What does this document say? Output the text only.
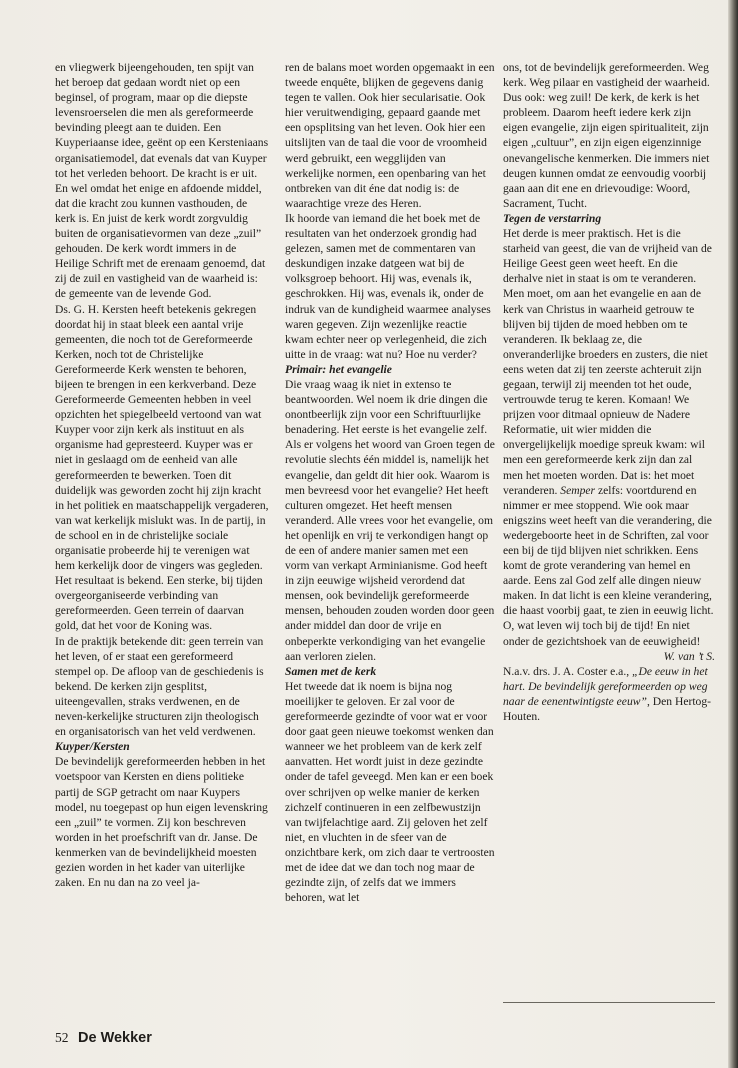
en vliegwerk bijeengehouden, ten spijt van het beroep dat gedaan wordt niet op een beginsel, of program, maar op die diepste levensroerselen die men als gereformeerde bevinding pleegt aan te duiden. Een Kuyperiaanse idee, geënt op een Kersteniaans organisatiemodel, dat evenals dat van Kuyper tot het verleden behoort. De kracht is er uit. En wel omdat het enige en afdoende middel, dat die kracht zou kunnen vasthouden, de kerk is. En juist de kerk wordt zorgvuldig buiten de organisatievormen van deze „zuil” gehouden. De kerk wordt immers in de Heilige Schrift met de erenaam genoemd, dat zij de zuil en vastigheid van de waarheid is: de gemeente van de levende God.

Ds. G. H. Kersten heeft betekenis gekregen doordat hij in staat bleek een aantal vrije gemeenten, die noch tot de Gereformeerde Kerken, noch tot de Christelijke Gereformeerde Kerk wensten te behoren, bijeen te brengen in een kerkverband. Deze Gereformeerde Gemeenten hebben in veel opzichten het spiegelbeeld vertoond van wat Kuyper voor zijn kerk als instituut en als organisme had gepresteerd. Kuyper was er niet in geslaagd om de eenheid van alle gereformeerden te bewerken. Toen dit duidelijk was geworden zocht hij zijn kracht in het politiek en maatschappelijk vergaderen, van wat kerkelijk mislukt was. In de partij, in de school en in de christelijke sociale organisatie probeerde hij te verenigen wat hem kerkelijk door de vingers was gegleden. Het resultaat is bekend. Een sterke, bij tijden overgeorganiseerde verbinding van gereformeerden. Geen terrein of daarvan gold, dat het voor de Koning was.

In de praktijk betekende dit: geen terrein van het leven, of er staat een gereformeerd stempel op. De afloop van de geschiedenis is bekend. De kerken zijn gesplitst, uiteengevallen, straks verdwenen, en de neven-kerkelijke structuren zijn theologisch en organisatorisch van het veld verdwenen.

Kuyper/Kersten

De bevindelijk gereformeerden hebben in het voetspoor van Kersten en diens politieke partij de SGP getracht om naar Kuypers model, nu toegepast op hun eigen levenskring een „zuil” te vormen. Zij kon beschreven worden in het proefschrift van dr. Janse. De kenmerken van de bevindelijkheid moesten gezien worden in het kader van uiterlijke zaken. En nu dan na zo veel ja-

ren de balans moet worden opgemaakt in een tweede enquête, blijken de gegevens danig tegen te vallen. Ook hier secularisatie. Ook hier veruitwendiging, gepaard gaande met een opsplitsing van het leven. Ook hier een uitslijten van de taal die voor de vroomheid werd gebruikt, een wegglijden van werkelijke normen, een openbaring van het ontbreken van dit éne dat nodig is: de waarachtige vreze des Heren.

Ik hoorde van iemand die het boek met de resultaten van het onderzoek grondig had gelezen, samen met de commentaren van deskundigen inzake datgeen wat bij de volksgroep behoort. Hij was, evenals ik, geschrokken. Hij was, evenals ik, onder de indruk van de kundigheid waarmee analyses waren gegeven. Zijn wezenlijke reactie kwam echter neer op verlegenheid, die zich uitte in de vraag: wat nu? Hoe nu verder?

Primair: het evangelie

Die vraag waag ik niet in extenso te beantwoorden. Wel noem ik drie dingen die onontbeerlijk zijn voor een Schriftuurlijke benadering. Het eerste is het evangelie zelf. Als er volgens het woord van Groen tegen de revolutie slechts één middel is, namelijk het evangelie, dan geldt dit hier ook. Waarom is men bevreesd voor het evangelie? Het heeft culturen omgezet. Het heeft mensen veranderd. Alle vrees voor het evangelie, om het openlijk en vrij te verkondigen hangt op de een of andere manier samen met een vorm van verkapt Arminianisme. God heeft in zijn eeuwige wijsheid verordend dat mensen, ook bevindelijk gereformeerde mensen, behouden zouden worden door geen ander middel dan door de vrije en onbeperkte verkondiging van het evangelie aan verloren zielen.

Samen met de kerk

Het tweede dat ik noem is bijna nog moeilijker te geloven. Er zal voor de gereformeerde gezindte of voor wat er voor door gaat geen nieuwe toekomst wenken dan wanneer we het probleem van de kerk zelf aanvatten. Het wordt juist in deze gezindte onder de tafel geveegd. Men kan er een boek over schrijven op welke manier de kerken zichzelf continueren in een zelfbewustzijn van twijfelachtige aard. Zij geloven het zelf niet, en vluchten in de sfeer van de onzichtbare kerk, om zich daar te vertroosten met de idee dat we dan toch nog maar de gezindte zijn, of zelfs dat we immers behoren, wat let

ons, tot de bevindelijk gereformeerden. Weg kerk. Weg pilaar en vastigheid der waarheid. Dus ook: weg zuil! De kerk, de kerk is het probleem. Daarom heeft iedere kerk zijn eigen evangelie, zijn eigen spiritualiteit, zijn eigen „cultuur”, en zijn eigen eigenzinnige onevangelische kenmerken. Die immers niet deugen kunnen omdat ze eenvoudig voorbij gaan aan dit ene en drievoudige: Woord, Sacrament, Tucht.

Tegen de verstarring

Het derde is meer praktisch. Het is die starheid van geest, die van de vrijheid van de Heilige Geest geen weet heeft. En die derhalve niet in staat is om te veranderen. Men moet, om aan het evangelie en aan de kerk van Christus in waarheid getrouw te blijven bij tijden de moed hebben om te veranderen. Ik beklaag ze, die onveranderlijke broeders en zusters, die niet eens weten dat zij ten zeerste achteruit zijn gegaan, terwijl zij meenden tot het oude, vertrouwde terug te keren. Komaan! We prijzen voor ditmaal opnieuw de Nadere Reformatie, uit wier midden die onvergelijkelijk moedige spreuk kwam: wil men een gereformeerde kerk zijn dan zal men het moeten worden. Dat is: het moet veranderen. Semper zelfs: voortdurend en nimmer er mee stoppend. Wie ook maar enigszins weet heeft van die verandering, die wedergeboorte heet in de Schriften, zal voor een bij de tijd blijven niet schrikken. Eens komt de grote verandering van hemel en aarde. Eens zal God zelf alle dingen nieuw maken. In dat licht is een kleine verandering, die haast voorbij gaat, te zien in eeuwig licht. O, wat leven wij toch bij de tijd! En niet onder de gezichtshoek van de eeuwigheid!

W. van ’t S.

N.a.v. drs. J. A. Coster e.a., „De eeuw in het hart. De bevindelijk gereformeerden op weg naar de eenentwintigste eeuw”, Den Hertog-Houten.

52 De Wekker
